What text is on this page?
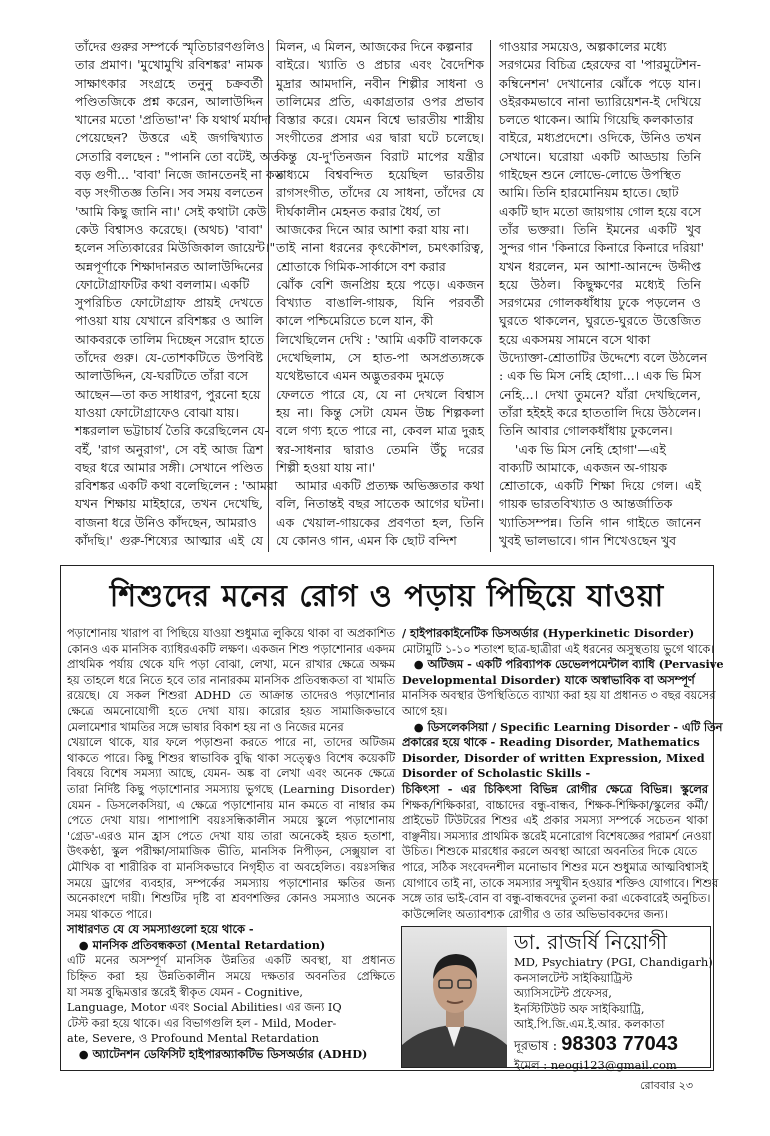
তাঁদের গুরুর সম্পর্কে স্মৃতিচারণগুলিও
তার প্রমাণ। 'মুখোমুখি রবিশঙ্কর' নামক
সাক্ষাৎকার সংগ্রহে তনুনু চক্রবর্তী
পণ্ডিতজিকে প্রশ্ন করেন, আলাউদ্দিন
খানের মতো 'প্রতিভা'ন' কি যথার্থ মর্যাদা
পেয়েছেন? উত্তরে এই জগদ্বিখ্যাত
সেতারি বলছেন : "পাননি তো বটেই, অত
বড় গুণী... 'বাবা' নিজে জানতেনই না কত
বড় সংগীতজ্ঞ তিনি। সব সময় বলতেন
'আমি কিছু জানি না।' সেই কথাটা কেউ
কেউ বিশ্বাসও করেছে। (অথচ) 'বাবা'
হলেন সত্যিকারের মিউজিকাল জায়েন্ট।"
অন্নপূর্ণাকে শিক্ষাদানরত আলাউদ্দিনের
ফোটোগ্রাফটির কথা বললাম। একটি
সুপরিচিত ফোটোগ্রাফ প্রায়ই দেখতে
পাওয়া যায় যেখানে রবিশঙ্কর ও আলি
আকবরকে তালিম দিচ্ছেন সরোদ হাতে
তাঁদের গুরু। যে-তোশকটিতে উপবিষ্ট
আলাউদ্দিন, যে-ঘরটিতে তাঁরা বসে
আছেন—তা কত সাধারণ, পুরনো হয়ে
যাওয়া ফোটোগ্রাফেও বোঝা যায়।
শঙ্করলাল ভট্টাচার্য তৈরি করেছিলেন যে-
বইঁ, 'রাগ অনুরাগ', সে বই আজ ত্রিশ
বছর ধরে আমার সঙ্গী। সেখানে পণ্ডিত
রবিশঙ্কর একটি কথা বলেছিলেন : 'আমরা
যখন শিক্ষায় মাইহারে, তখন দেখেছি,
বাজনা ধরে উনিও কাঁদছেন, আমরাও
কাঁদছি।' গুরু-শিষ্যের আত্মার এই যে
মিলন, এ মিলন, আজকের দিনে কল্পনার
বাইরে। খ্যাতি ও প্রচার এবং বৈদেশিক
মুদ্রার আমদানি, নবীন শিল্পীর সাধনা ও
তালিমের প্রতি, একাগ্রতার ওপর প্রভাব
বিস্তার করে। যেমন বিশ্বে ভারতীয় শাস্ত্রীয়
সংগীতের প্রসার এর দ্বারা ঘটে চলেছে।
কিন্তু যে-দু'তিনজন বিরাট মাপের যন্ত্রীর
মাধ্যমে বিশ্ববন্দিত হয়েছিল ভারতীয়
রাগসংগীত, তাঁদের যে সাধনা, তাঁদের যে
দীর্ঘকালীন মেহনত করার ধৈর্য, তা
আজকের দিনে আর আশা করা যায় না।
তাই নানা ধরনের কৃৎকৌশল, চমৎকারিত্ব,
শ্রোতাকে গিমিক-সার্কাসে বশ করার
ঝোঁক বেশি জনপ্রিয় হয়ে পড়ে। একজন
বিখ্যাত বাঙালি-গায়ক, যিনি পরবর্তী
কালে পশ্চিমেরিতে চলে যান, কী
লিখেছিলেন দেখি : 'আমি একটি বালককে
দেখেছিলাম, সে হাত-পা অসপ্রত্যঙ্গকে
যথেষ্টভাবে এমন অদ্ভুতরকম দুমড়ে
ফেলতে পারে যে, যে না দেখলে বিশ্বাস
হয় না। কিন্তু সেটা যেমন উচ্চ শিল্পকলা
বলে গণ্য হতে পারে না, কেবল মাত্র দুরূহ
স্বর-সাধনার দ্বারাও তেমনি উঁচু দরের
শিল্পী হওয়া যায় না।'
আমার একটি প্রত্যক্ষ অভিজ্ঞতার কথা
বলি, নিতান্তই বছর সাতেক আগের ঘটনা।
এক খেয়াল-গায়কের প্রবণতা হল, তিনি
যে কোনও গান, এমন কি ছোট বন্দিশ
গাওয়ার সময়েও, অল্পকালের মধ্যে
সরগমের বিচিত্র হেরফের বা 'পারমুটেশন-
কম্বিনেশন' দেখানোর ঝোঁকে পড়ে যান।
ওইরকমভাবে নানা ভ্যারিয়েশন-ই দেখিয়ে
চলতে থাকেন। আমি গিয়েছি কলকাতার
বাইরে, মধ্যপ্রদেশে। ওদিকে, উনিও তখন
সেখানে। ঘরোয়া একটি আড্ডায় তিনি
গাইছেন শুনে লোভে-লোভে উপস্থিত
আমি। তিনি হারমোনিয়ম হাতে। ছোট
একটি ছাদ মতো জায়গায় গোল হয়ে বসে
তাঁর ভক্তরা। তিনি ইমনের একটি খুব
সুন্দর গান 'কিনারে কিনারে কিনারে দরিয়া'
যখন ধরলেন, মন আশা-আনন্দে উদ্দীপ্ত
হয়ে উঠল। কিছুক্ষণের মধ্যেই তিনি
সরগমের গোলকধাঁধায় ঢুকে পড়লেন ও
ঘুরতে থাকলেন, ঘুরতে-ঘুরতে উত্তেজিত
হয়ে একসময় সামনে বসে থাকা
উদ্যোক্তা-শ্রোতাটির উদ্দেশ্যে বলে উঠলেন
: এক ভি মিস নেহি হোগা...। এক ভি মিস
নেহি...। দেখা তুমনে? যাঁরা দেখছিলেন,
তাঁরা হইহই করে হাততালি দিয়ে উঠলেন।
তিনি আবার গোলকধাঁধায় ঢুকলেন।
'এক ভি মিস নেহি হোগা'—এই
বাক্যটি আমাকে, একজন অ-গায়ক
শ্রোতাকে, একটি শিক্ষা দিয়ে গেল। এই
গায়ক ভারতবিখ্যাত ও আন্তর্জাতিক
খ্যাতিসম্পন্ন। তিনি গান গাইতে জানেন
খুবই ভালভাবে। গান শিখেওছেন খুব
শিশুদের মনের রোগ ও পড়ায় পিছিয়ে যাওয়া
পড়াশোনায় খারাপ বা পিছিয়ে যাওয়া শুধুমাত্র লুকিয়ে থাকা বা অপ্রকাশিত
কোনও এক মানসিক ব্যাধিরএকটি লক্ষণ। একজন শিশু পড়াশোনার একদম
প্রাথমিক পর্যায় থেকে যদি পড়া বোঝা, লেখা, মনে রাখার ক্ষেত্রে অক্ষম
হয় তাহলে ধরে নিতে হবে তার নানারকম মানসিক প্রতিবন্ধকতা বা খামতি
রয়েছে। যে সকল শিশুরা ADHD তে আক্রান্ত তাদেরও পড়াশোনার
ক্ষেত্রে অমনোযোগী হতে দেখা যায়। কারোর হয়ত সামাজিকভাবে
মেলামেশার খামতির সঙ্গে ভাষার বিকাশ হয় না ও নিজের মনের
খেয়ালে থাকে, যার ফলে পড়াশুনা করতে পারে না, তাদের অটিজম
থাকতে পারে। কিছু শিশুর স্বাভাবিক বুদ্ধি থাকা সত্ত্বেও বিশেষ কয়েকটি
বিষয়ে বিশেষ সমস্যা আছে, যেমন- অঙ্ক বা লেখা এবং অনেক ক্ষেত্রে
তারা নির্দিষ্ট কিছু পড়াশোনার সমস্যায় ভুগছে (Learning Disorder)
যেমন - ডিসলেকসিয়া, এ ক্ষেত্রে পড়াশোনায় মান কমতে বা নাম্বার কম
পেতে দেখা যায়। পাশাপাশি বয়ঃসন্ধিকালীন সময়ে স্কুলে পড়াশোনায়
'গ্রেড'-এরও মান হ্রাস পেতে দেখা যায় তারা অনেকেই হয়ত হতাশা,
উৎকণ্ঠা, স্কুল পরীক্ষা/সামাজিক ভীতি, মানসিক নিপীড়ন, সেক্সুয়াল বা
মৌখিক বা শারীরিক বা মানসিকভাবে নিগৃহীত বা অবহেলিত। বয়ঃসন্ধির
সময়ে ড্রাগের ব্যবহার, সম্পর্কের সমস্যায় পড়াশোনার ক্ষতির জন্য
অনেকাংশে দায়ী। শিশুটির দৃষ্টি বা শ্রবণশক্তির কোনও সমস্যাও অনেক
সময় থাকতে পারে।
সাধারণত যে যে সমস্যাগুলো হয়ে থাকে -
● মানসিক প্রতিবন্ধকতা (Mental Retardation)
এটি মনের অসম্পূর্ণ মানসিক উন্নতির একটি অবস্থা, যা প্রধানত
চিহ্নিত করা হয় উন্নতিকালীন সময়ে দক্ষতার অবনতির প্রেক্ষিতে
যা সমস্ত বুদ্ধিমত্তার স্তরেই স্বীকৃত যেমন - Cognitive,
Language, Motor এবং Social Abilities। এর জন্য IQ
টেস্ট করা হয়ে থাকে। এর বিভাগগুলি হল - Mild, Moder-
ate, Severe, ও Profound Mental Retardation
● অ্যাটেনশন ডেফিসিট হাইপারঅ্যাকটিভ ডিসঅর্ডার (ADHD)
/ হাইপারকাইনেটিক ডিসঅর্ডার (Hyperkinetic Disorder)
মোটামুটি ১-১০ শতাংশ ছাত্র-ছাত্রীরা এই ধরনের অসুস্থতায় ভুগে থাকে।
● অটিজম - একটি পরিব্যাপক ডেভেলপমেন্টাল ব্যাধি (Pervasive
Developmental Disorder) যাকে অস্বাভাবিক বা অসম্পূর্ণ
মানসিক অবস্থার উপস্থিতিতে ব্যাখ্যা করা হয় যা প্রধানত ৩ বছর বয়সের
আগে হয়।
● ডিসলেকসিয়া / Specific Learning Disorder - এটি তিন
প্রকারের হয়ে থাকে - Reading Disorder, Mathematics
Disorder, Disorder of written Expression, Mixed
Disorder of Scholastic Skills -
চিকিৎসা - এর চিকিৎসা বিভিন্ন রোগীর ক্ষেত্রে বিভিন্ন। স্কুলের
শিক্ষক/শিক্ষিকারা, বাচ্চাদের বন্ধু-বান্ধব, শিক্ষক-শিক্ষিকা/স্কুলের কর্মী/
প্রাইভেট টিউটরের শিশুর এই প্রকার সমস্যা সম্পর্কে সচেতন থাকা
বাঞ্ছনীয়। সমস্যার প্রাথমিক স্তরেই মনোরোগ বিশেষজ্ঞের পরামর্শ নেওয়া
উচিত। শিশুকে মারধোর করলে অবস্থা আরো অবনতির দিকে যেতে
পারে, সঠিক সংবেদনশীল মনোভাব শিশুর মনে শুধুমাত্র আত্মবিশ্বাসই
যোগাবে তাই না, তাকে সমস্যার সম্মুখীন হওয়ার শক্তিও যোগাবে। শিশুর
সঙ্গে তার ভাই-বোন বা বন্ধু-বান্ধবদের তুলনা করা একেবারেই অনুচিত।
কাউন্সেলিং অত্যাবশ্যক রোগীর ও তার অভিভাবকদের জন্য।
ডা. রাজর্ষি নিয়োগী
MD, Psychiatry (PGI, Chandigarh)
কনসালটেন্ট সাইকিয়াট্রিস্ট
অ্যাসিসটেন্ট প্রফেসর,
ইনস্টিটিউট অফ সাইকিয়াট্রি,
আই.পি.জি.এম.ই.আর. কলকাতা
দূরভাষ : 98303 77043
ইমেল : neogi123@gmail.com
রোববার ২৩
